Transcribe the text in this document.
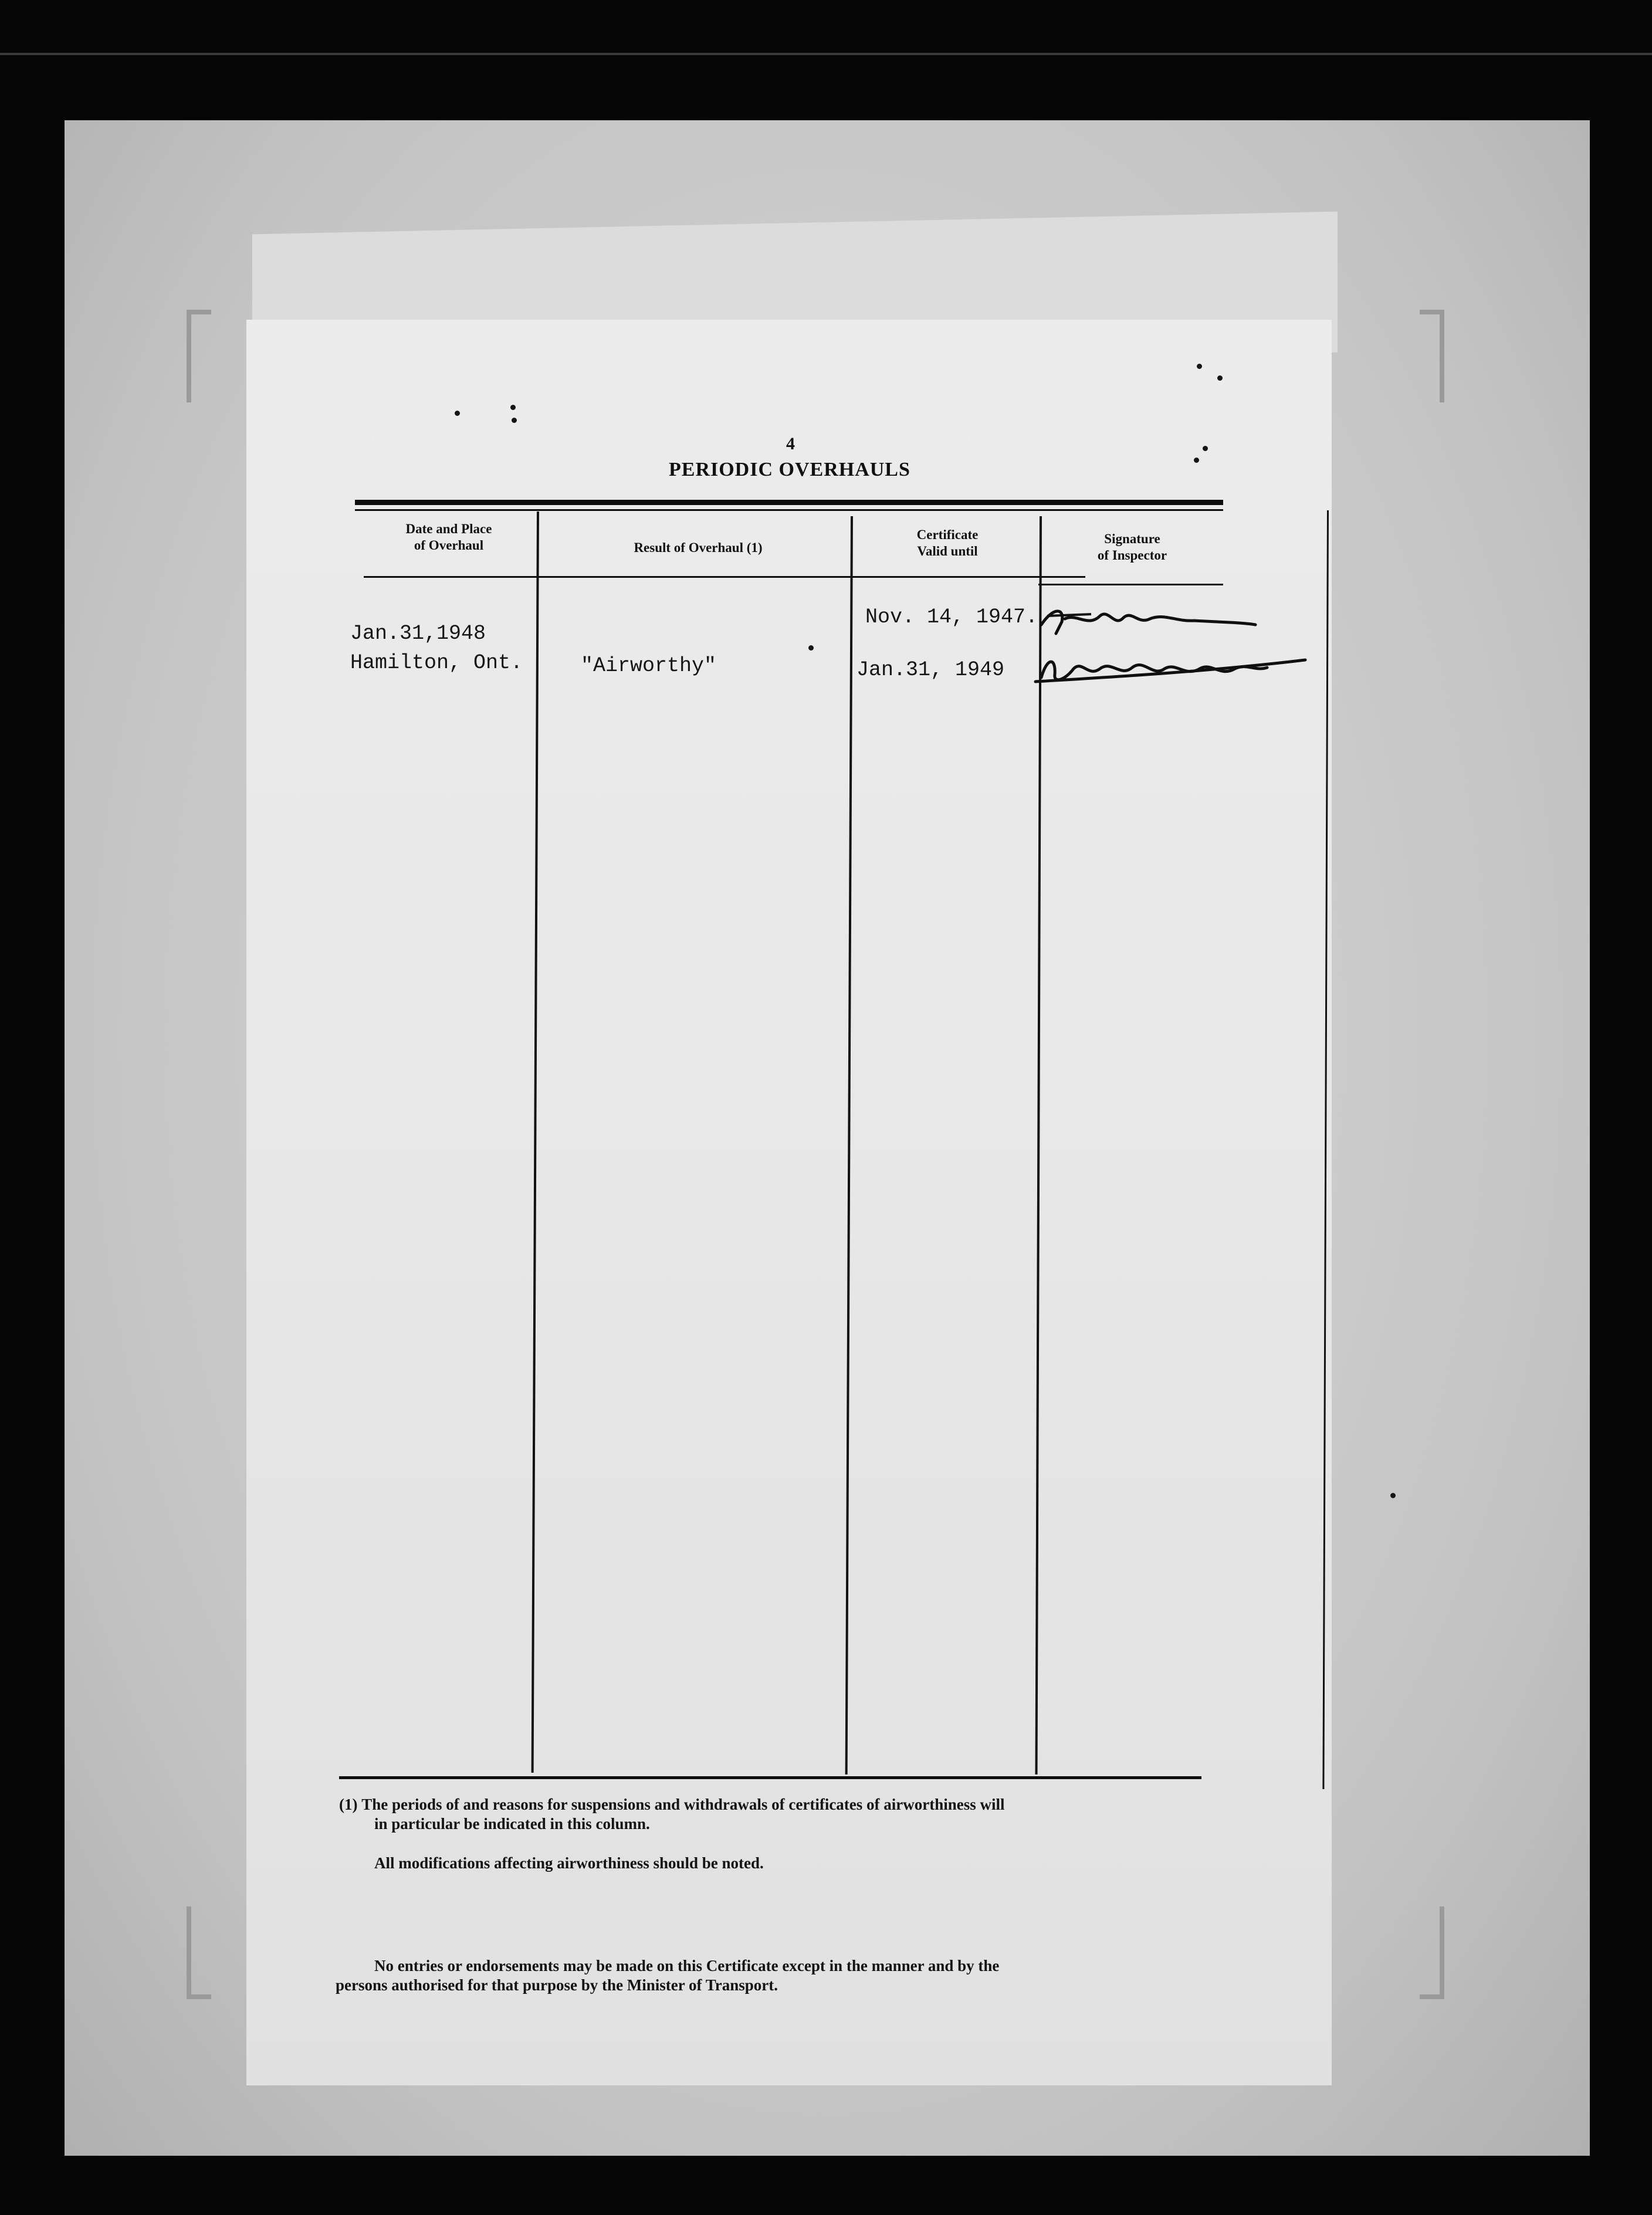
4
PERIODIC OVERHAULS
Date and Place
of Overhaul	Result of Overhaul (1)
Certificate
Valid until
Signature
of Inspector
Jan.31,1948
Hamilton, Ont.	"Airworthy"
Nov. 14, 1947.
Jan.31, 1949
(1) The periods of and reasons for suspensions and withdrawals of certificates of airworthiness will
in particular be indicated in this column.
All modifications affecting airworthiness should be noted.
No entries or endorsements may be made on this Certificate except in the manner and by the
persons authorised for that purpose by the Minister of Transport.
